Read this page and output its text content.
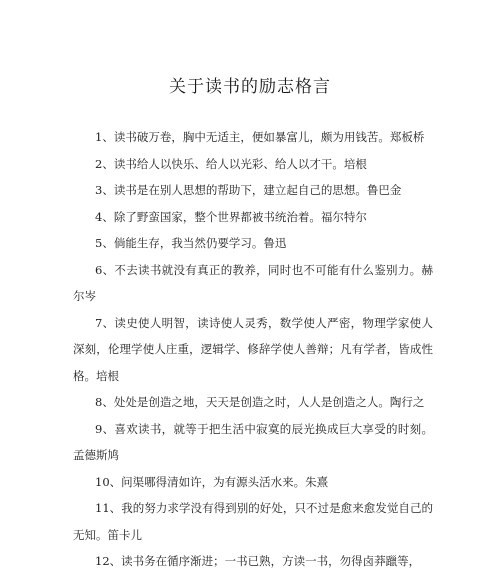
关于读书的励志格言
1、读书破万卷，胸中无适主，便如暴富儿，颇为用钱苦。郑板桥
2、读书给人以快乐、给人以光彩、给人以才干。培根
3、读书是在别人思想的帮助下，建立起自己的思想。鲁巴金
4、除了野蛮国家，整个世界都被书统治着。福尔特尔
5、倘能生存，我当然仍要学习。鲁迅
6、不去读书就没有真正的教养，同时也不可能有什么鉴别力。赫尔岑
7、读史使人明智，读诗使人灵秀，数学使人严密，物理学家使人深刻，伦理学使人庄重，逻辑学、修辞学使人善辩；凡有学者，皆成性格。培根
8、处处是创造之地，天天是创造之时，人人是创造之人。陶行之
9、喜欢读书，就等于把生活中寂寞的辰光换成巨大享受的时刻。孟德斯鸠
10、问渠哪得清如许，为有源头活水来。朱熹
11、我的努力求学没有得到别的好处，只不过是愈来愈发觉自己的无知。笛卡儿
12、读书务在循序渐进；一书已熟，方读一书，勿得卤莽躐等，
